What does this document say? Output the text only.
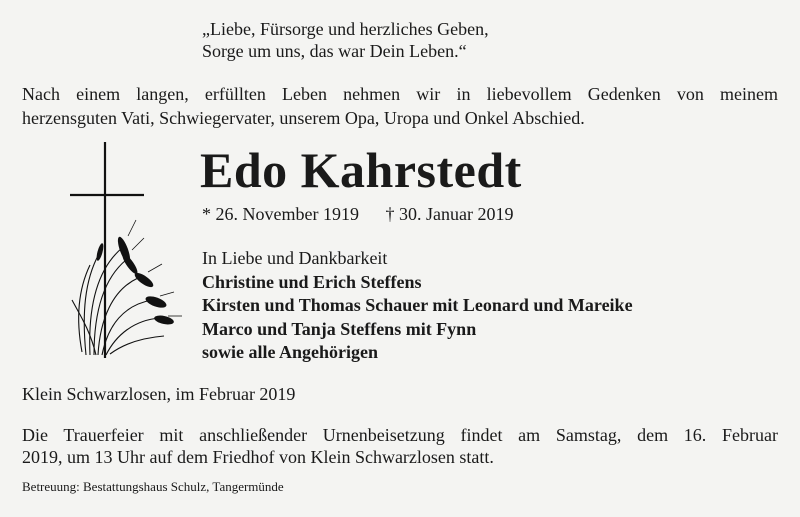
„Liebe, Fürsorge und herzliches Geben,
Sorge um uns, das war Dein Leben.“
Nach einem langen, erfüllten Leben nehmen wir in liebevollem Gedenken von meinem
herzensguten Vati, Schwiegervater, unserem Opa, Uropa und Onkel Abschied.
Edo Kahrstedt
* 26. November 1919 † 30. Januar 2019
In Liebe und Dankbarkeit
Christine und Erich Steffens
Kirsten und Thomas Schauer mit Leonard und Mareike
Marco und Tanja Steffens mit Fynn
sowie alle Angehörigen
Klein Schwarzlosen, im Februar 2019
Die Trauerfeier mit anschließender Urnenbeisetzung findet am Samstag, dem 16. Februar
2019, um 13 Uhr auf dem Friedhof von Klein Schwarzlosen statt.
Betreuung: Bestattungshaus Schulz, Tangermünde
